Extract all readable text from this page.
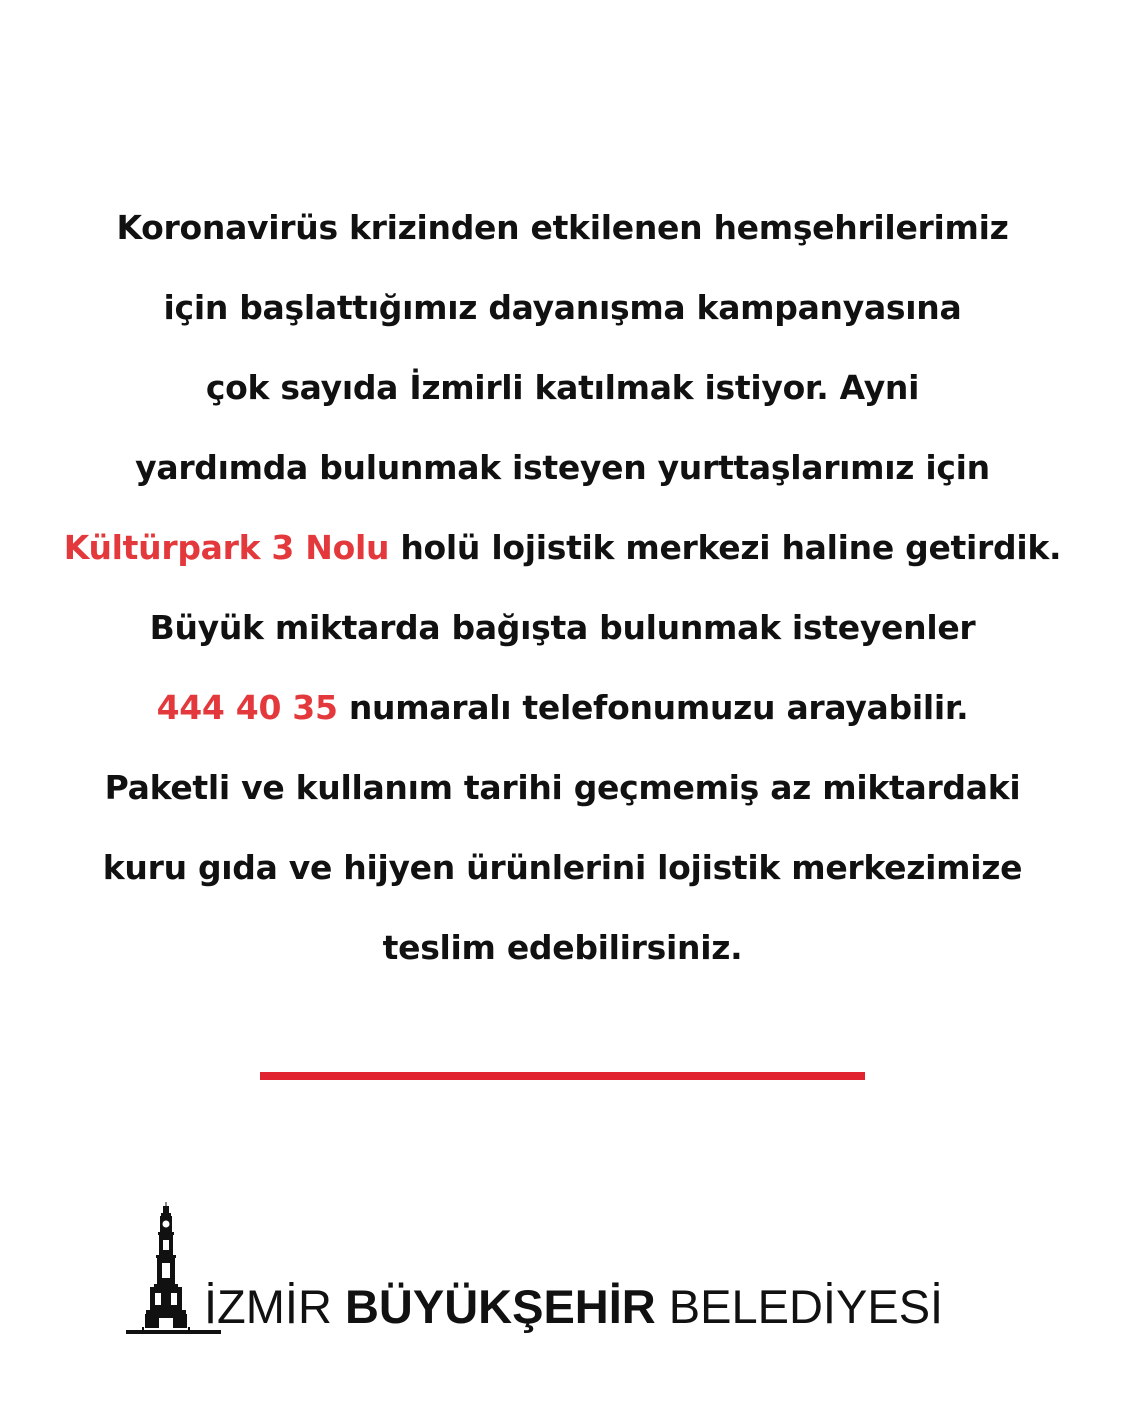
Koronavirüs krizinden etkilenen hemşehrilerimiz
için başlattığımız dayanışma kampanyasına
çok sayıda İzmirli katılmak istiyor. Ayni
yardımda bulunmak isteyen yurttaşlarımız için
Kültürpark 3 Nolu holü lojistik merkezi haline getirdik.
Büyük miktarda bağışta bulunmak isteyenler
444 40 35 numaralı telefonumuzu arayabilir.
Paketli ve kullanım tarihi geçmemiş az miktardaki
kuru gıda ve hijyen ürünlerini lojistik merkezimize
teslim edebilirsiniz.
İZMİR BÜYÜKŞEHİR BELEDİYESİ
